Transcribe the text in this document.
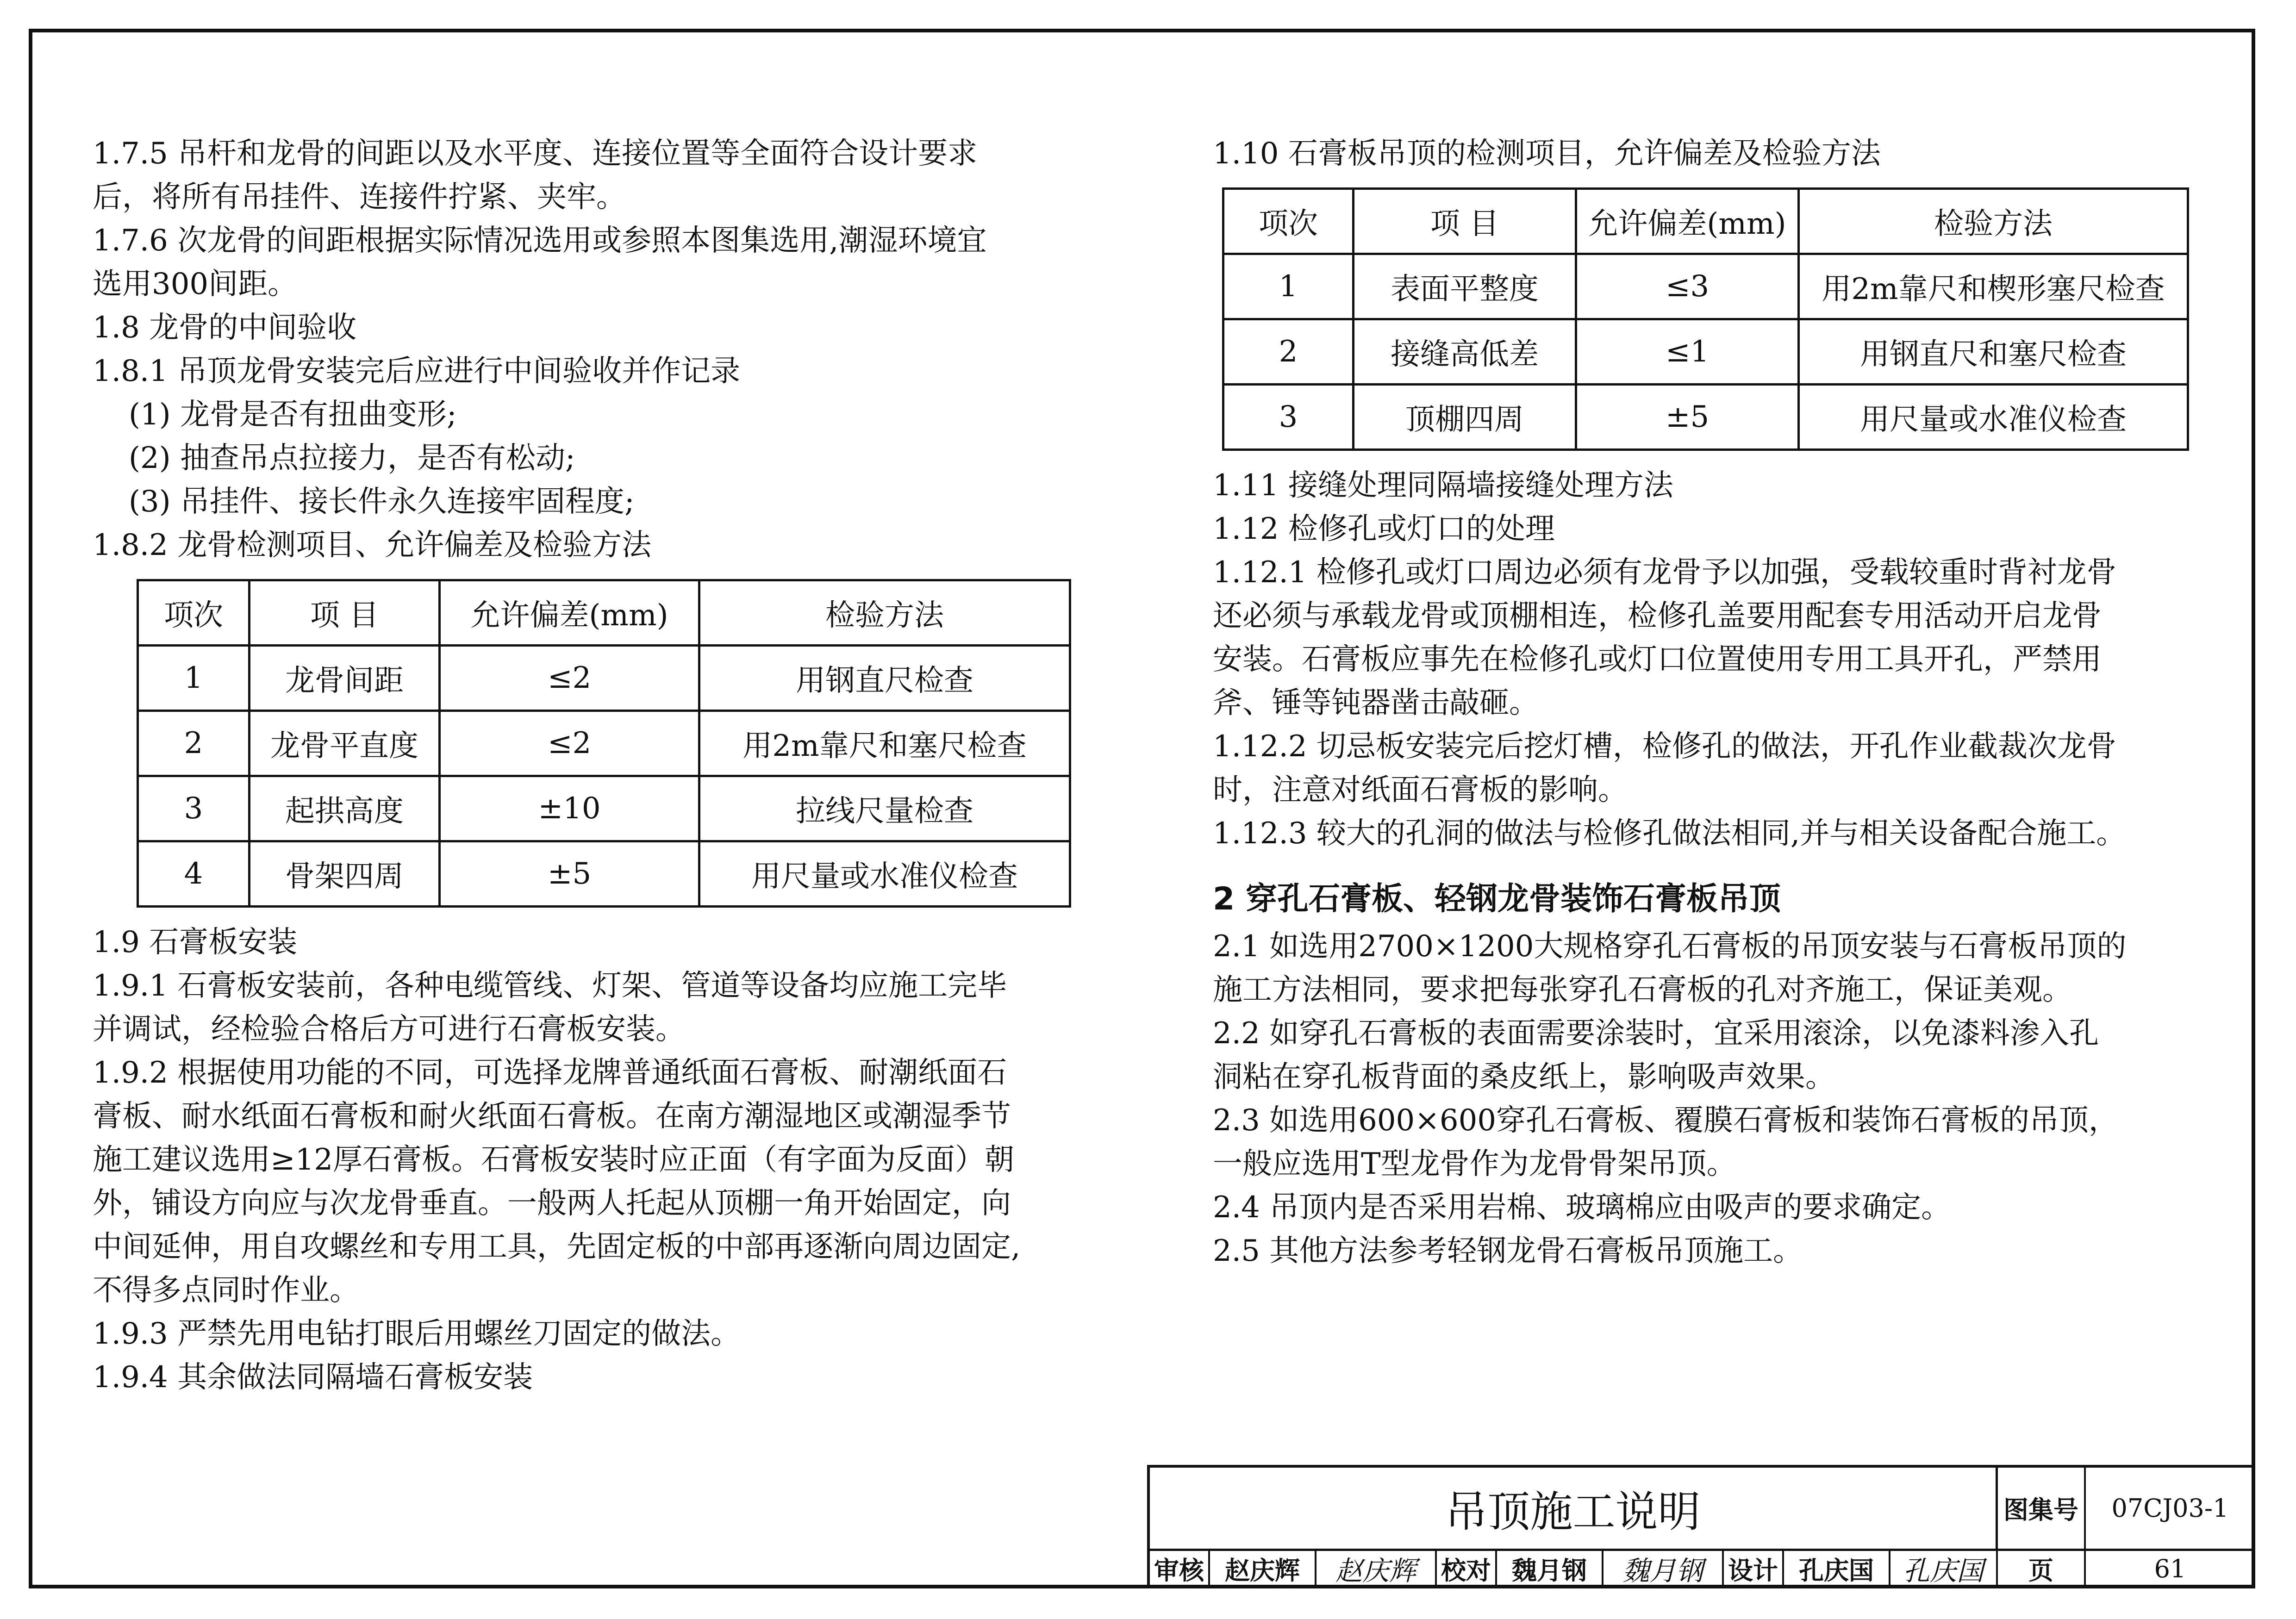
1.7.5 吊杆和龙骨的间距以及水平度、连接位置等全面符合设计要求
后，将所有吊挂件、连接件拧紧、夹牢。
1.7.6 次龙骨的间距根据实际情况选用或参照本图集选用,潮湿环境宜
选用300间距。
1.8 龙骨的中间验收
1.8.1 吊顶龙骨安装完后应进行中间验收并作记录
(1) 龙骨是否有扭曲变形;
(2) 抽查吊点拉接力，是否有松动;
(3) 吊挂件、接长件永久连接牢固程度;
1.8.2 龙骨检测项目、允许偏差及检验方法
项次	项 目	允许偏差(mm)	检验方法
1	龙骨间距	≤2	用钢直尺检查
2	龙骨平直度	≤2	用2m靠尺和塞尺检查
3	起拱高度	±10	拉线尺量检查
4	骨架四周	±5	用尺量或水准仪检查
1.9 石膏板安装
1.9.1 石膏板安装前，各种电缆管线、灯架、管道等设备均应施工完毕
并调试，经检验合格后方可进行石膏板安装。
1.9.2 根据使用功能的不同，可选择龙牌普通纸面石膏板、耐潮纸面石
膏板、耐水纸面石膏板和耐火纸面石膏板。在南方潮湿地区或潮湿季节
施工建议选用≥12厚石膏板。石膏板安装时应正面（有字面为反面）朝
外，铺设方向应与次龙骨垂直。一般两人托起从顶棚一角开始固定，向
中间延伸，用自攻螺丝和专用工具，先固定板的中部再逐渐向周边固定,
不得多点同时作业。
1.9.3 严禁先用电钻打眼后用螺丝刀固定的做法。
1.9.4 其余做法同隔墙石膏板安装
1.10 石膏板吊顶的检测项目，允许偏差及检验方法
项次	项 目	允许偏差(mm)	检验方法
1	表面平整度	≤3	用2m靠尺和楔形塞尺检查
2	接缝高低差	≤1	用钢直尺和塞尺检查
3	顶棚四周	±5	用尺量或水准仪检查
1.11 接缝处理同隔墙接缝处理方法
1.12 检修孔或灯口的处理
1.12.1 检修孔或灯口周边必须有龙骨予以加强，受载较重时背衬龙骨
还必须与承载龙骨或顶棚相连，检修孔盖要用配套专用活动开启龙骨
安装。石膏板应事先在检修孔或灯口位置使用专用工具开孔，严禁用
斧、锤等钝器凿击敲砸。
1.12.2 切忌板安装完后挖灯槽，检修孔的做法，开孔作业截裁次龙骨
时，注意对纸面石膏板的影响。
1.12.3 较大的孔洞的做法与检修孔做法相同,并与相关设备配合施工。
2 穿孔石膏板、轻钢龙骨装饰石膏板吊顶
2.1 如选用2700×1200大规格穿孔石膏板的吊顶安装与石膏板吊顶的
施工方法相同，要求把每张穿孔石膏板的孔对齐施工，保证美观。
2.2 如穿孔石膏板的表面需要涂装时，宜采用滚涂，以免漆料渗入孔
洞粘在穿孔板背面的桑皮纸上，影响吸声效果。
2.3 如选用600×600穿孔石膏板、覆膜石膏板和装饰石膏板的吊顶，
一般应选用T型龙骨作为龙骨骨架吊顶。
2.4 吊顶内是否采用岩棉、玻璃棉应由吸声的要求确定。
2.5 其他方法参考轻钢龙骨石膏板吊顶施工。
吊顶施工说明	图集号	07CJ03-1
审核 赵庆辉	赵庆辉	校对 魏月钢	魏月钢	设计 孔庆国	孔庆国	页	61
